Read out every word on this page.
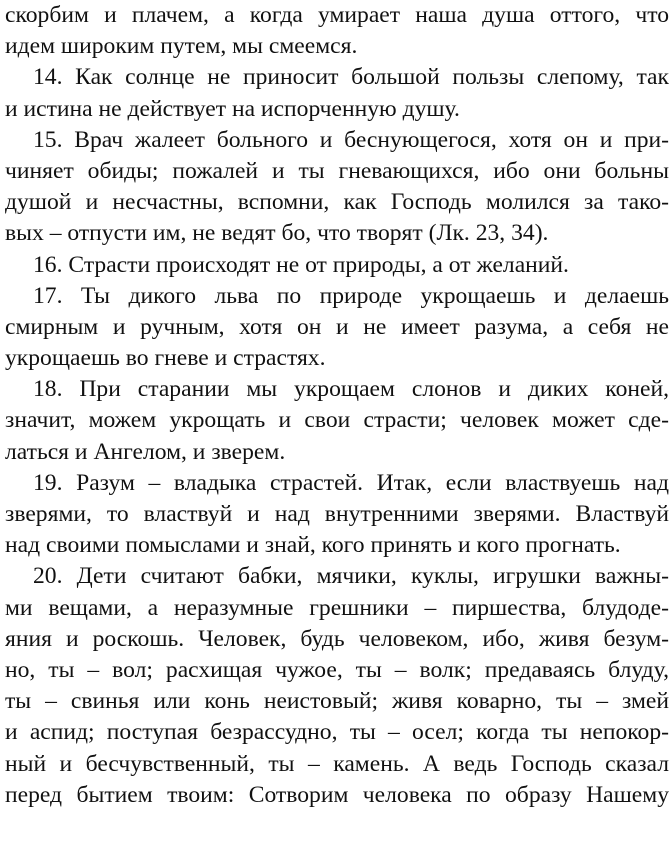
скорбим и плачем, а когда умирает наша душа оттого, что
идем широким путем, мы смеемся.
14. Как солнце не приносит большой пользы слепому, так
и истина не действует на испорченную душу.
15. Врач жалеет больного и беснующегося, хотя он и при-
чиняет обиды; пожалей и ты гневающихся, ибо они больны
душой и несчастны, вспомни, как Господь молился за тако-
вых – отпусти им, не ведят бо, что творят (Лк. 23, 34).
16. Страсти происходят не от природы, а от желаний.
17. Ты дикого льва по природе укрощаешь и делаешь
смирным и ручным, хотя он и не имеет разума, а себя не
укрощаешь во гневе и страстях.
18. При старании мы укрощаем слонов и диких коней,
значит, можем укрощать и свои страсти; человек может сде-
латься и Ангелом, и зверем.
19. Разум – владыка страстей. Итак, если властвуешь над
зверями, то властвуй и над внутренними зверями. Властвуй
над своими помыслами и знай, кого принять и кого прогнать.
20. Дети считают бабки, мячики, куклы, игрушки важны-
ми вещами, а неразумные грешники – пиршества, блудоде-
яния и роскошь. Человек, будь человеком, ибо, живя безум-
но, ты – вол; расхищая чужое, ты – волк; предаваясь блуду,
ты – свинья или конь неистовый; живя коварно, ты – змей
и аспид; поступая безрассудно, ты – осел; когда ты непокор-
ный и бесчувственный, ты – камень. А ведь Господь сказал
перед бытием твоим: Сотворим человека по образу Нашему
